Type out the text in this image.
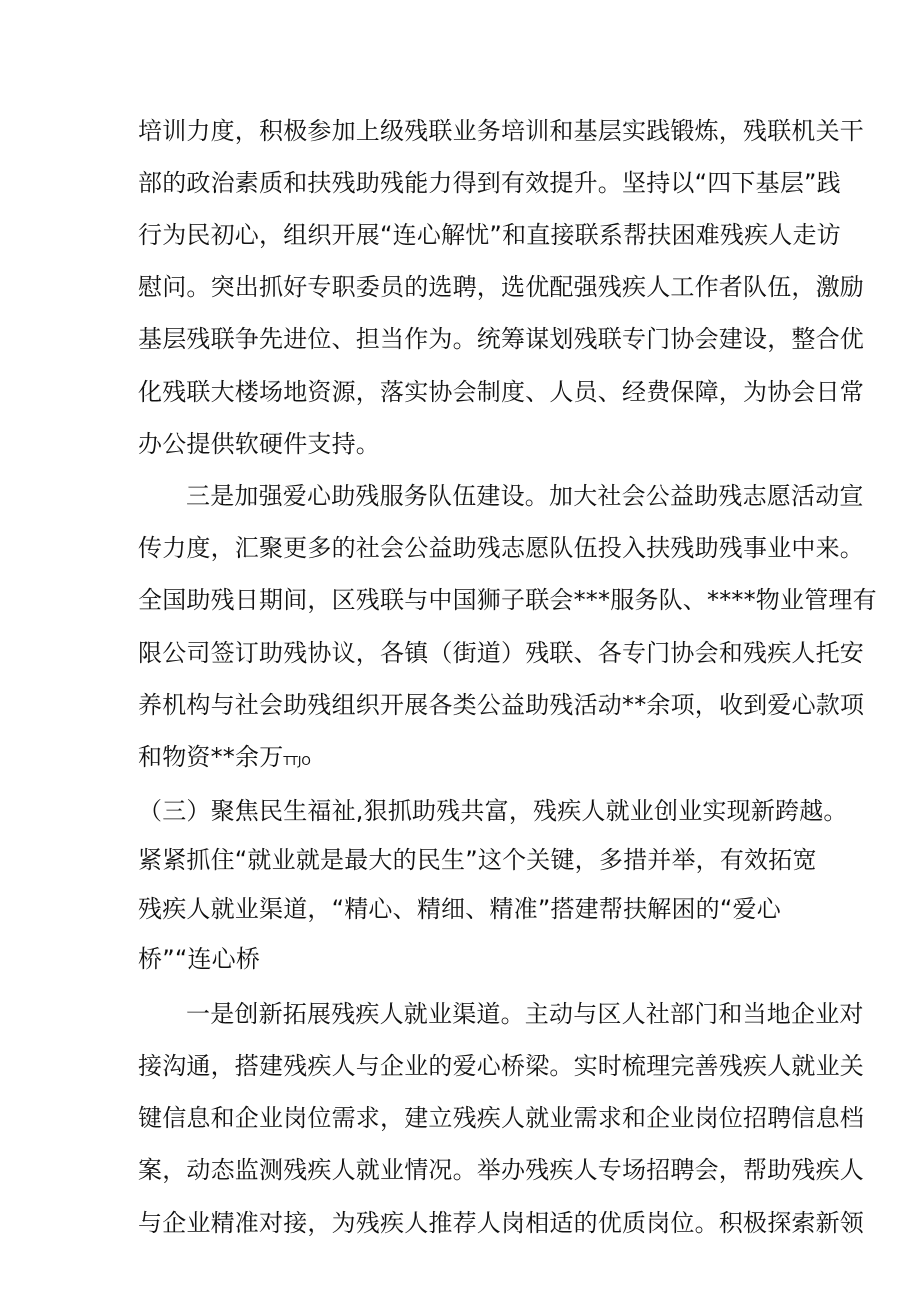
培训力度，积极参加上级残联业务培训和基层实践锻炼，残联机关干
部的政治素质和扶残助残能力得到有效提升。坚持以“四下基层”践
行为民初心，组织开展“连心解忧”和直接联系帮扶困难残疾人走访
慰问。突出抓好专职委员的选聘，选优配强残疾人工作者队伍，激励
基层残联争先进位、担当作为。统筹谋划残联专门协会建设，整合优
化残联大楼场地资源，落实协会制度、人员、经费保障，为协会日常
办公提供软硬件支持。
三是加强爱心助残服务队伍建设。加大社会公益助残志愿活动宣
传力度，汇聚更多的社会公益助残志愿队伍投入扶残助残事业中来。
全国助残日期间，区残联与中国狮子联会***服务队、****物业管理有
限公司签订助残协议，各镇（街道）残联、各专门协会和残疾人托安
养机构与社会助残组织开展各类公益助残活动**余项，收到爱心款项
和物资**余万TTJO
（三）聚焦民生福祉,狠抓助残共富，残疾人就业创业实现新跨越。
紧紧抓住“就业就是最大的民生”这个关键，多措并举，有效拓宽
残疾人就业渠道，“精心、精细、精准”搭建帮扶解困的“爱心
桥”“连心桥
一是创新拓展残疾人就业渠道。主动与区人社部门和当地企业对
接沟通，搭建残疾人与企业的爱心桥梁。实时梳理完善残疾人就业关
键信息和企业岗位需求，建立残疾人就业需求和企业岗位招聘信息档
案，动态监测残疾人就业情况。举办残疾人专场招聘会，帮助残疾人
与企业精准对接，为残疾人推荐人岗相适的优质岗位。积极探索新领
